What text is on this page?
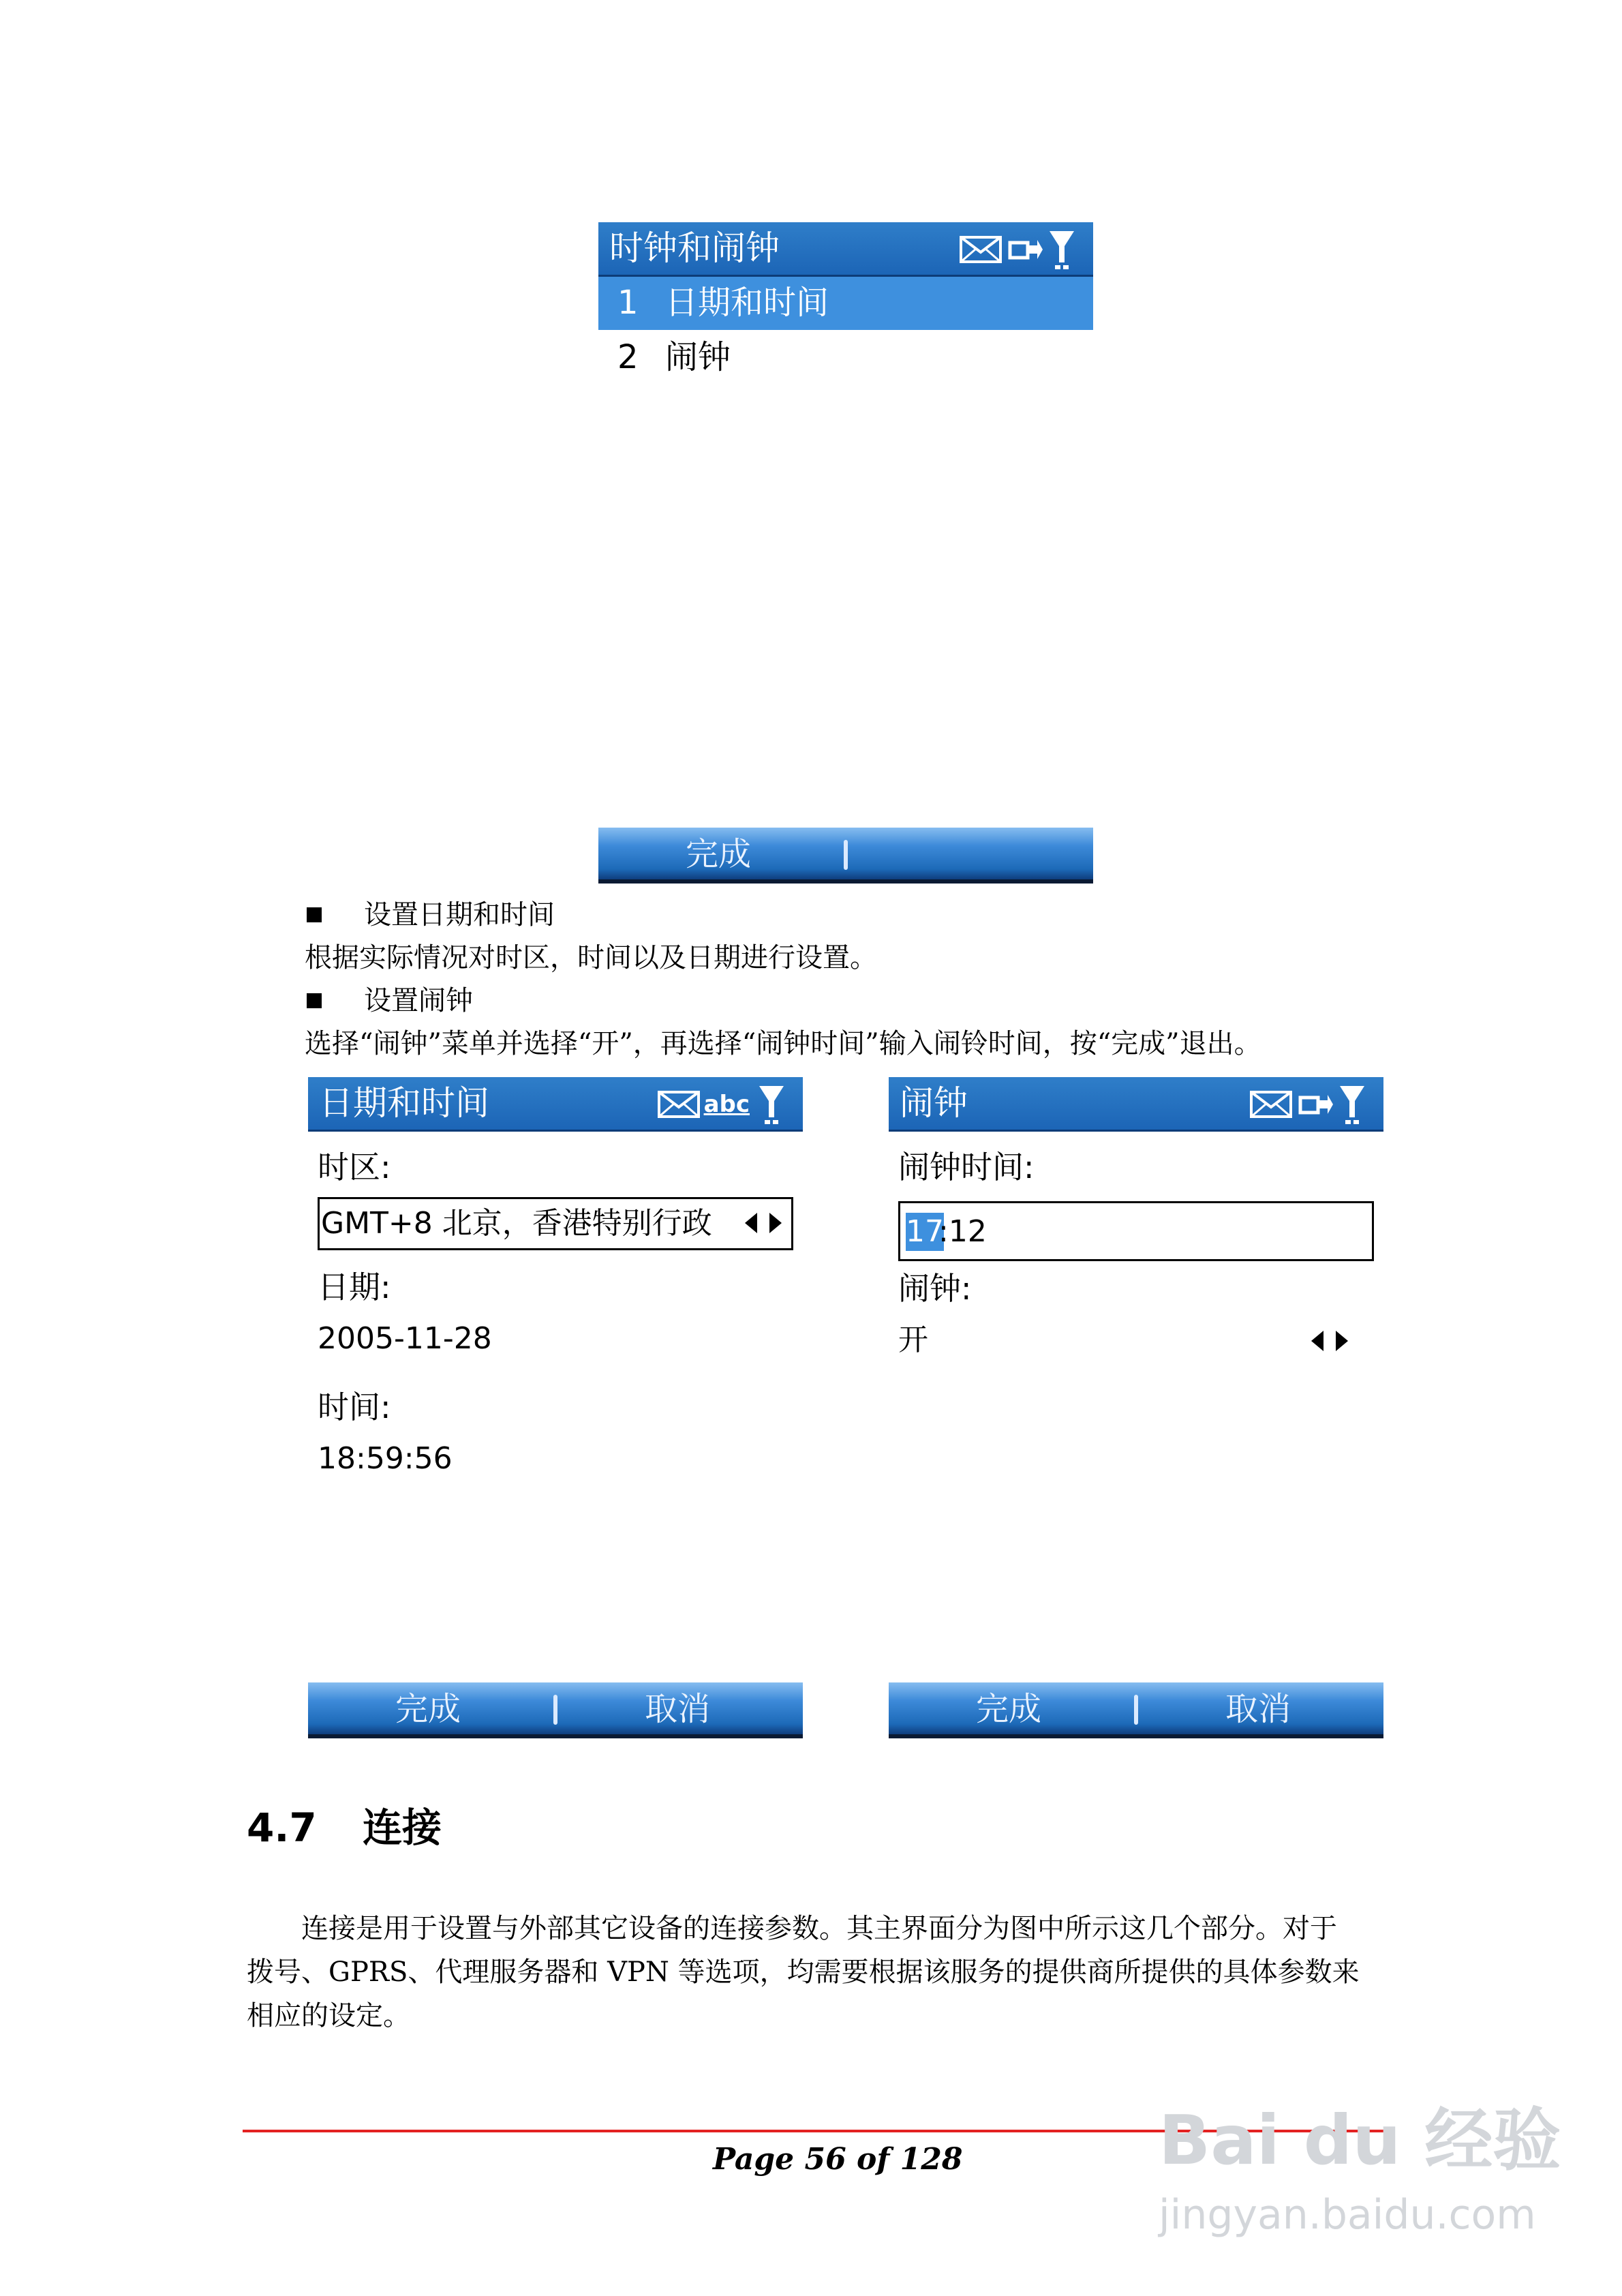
时钟和闹钟
1 日期和时间
2 闹钟
完成
设置日期和时间
根据实际情况对时区，时间以及日期进行设置。
设置闹钟
选择“闹钟”菜单并选择“开”，再选择“闹钟时间”输入闹铃时间，按“完成”退出。
日期和时间	abc
时区:
GMT+8 北京，香港特别行政
日期:
2005-11-28
时间:
18:59:56
完成	取消
闹钟
闹钟时间:
17
:12
闹钟:
开
完成	取消
4.7 连接
连接是用于设置与外部其它设备的连接参数。其主界面分为图中所示这几个部分。对于
拨号、GPRS、代理服务器和 VPN 等选项，均需要根据该服务的提供商所提供的具体参数来
相应的设定。
Page 56 of 128	Bai du 经验
jingyan.baidu.com
